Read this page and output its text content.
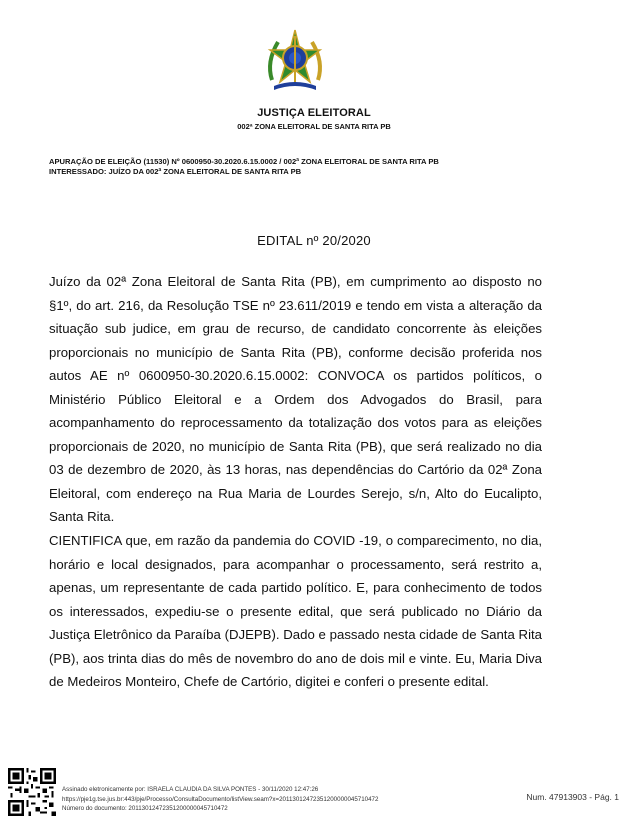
JUSTIÇA ELEITORAL
002ª ZONA ELEITORAL DE SANTA RITA PB
APURAÇÃO DE ELEIÇÃO (11530) Nº 0600950-30.2020.6.15.0002 / 002ª ZONA ELEITORAL DE SANTA RITA PB
INTERESSADO: JUÍZO DA 002ª ZONA ELEITORAL DE SANTA RITA PB
EDITAL nº 20/2020

Juízo da 02ª Zona Eleitoral de Santa Rita (PB), em cumprimento ao disposto no §1º, do art. 216, da Resolução TSE nº 23.611/2019 e tendo em vista a alteração da situação sub judice, em grau de recurso, de candidato concorrente às eleições proporcionais no município de Santa Rita (PB), conforme decisão proferida nos autos AE nº 0600950-30.2020.6.15.0002: CONVOCA os partidos políticos, o Ministério Público Eleitoral e a Ordem dos Advogados do Brasil, para acompanhamento do reprocessamento da totalização dos votos para as eleições proporcionais de 2020, no município de Santa Rita (PB), que será realizado no dia 03 de dezembro de 2020, às 13 horas, nas dependências do Cartório da 02ª Zona Eleitoral, com endereço na Rua Maria de Lourdes Serejo, s/n, Alto do Eucalipto, Santa Rita.

CIENTIFICA que, em razão da pandemia do COVID -19, o comparecimento, no dia, horário e local designados, para acompanhar o processamento, será restrito a, apenas, um representante de cada partido político. E, para conhecimento de todos os interessados, expediu-se o presente edital, que será publicado no Diário da Justiça Eletrônico da Paraíba (DJEPB). Dado e passado nesta cidade de Santa Rita (PB), aos trinta dias do mês de novembro do ano de dois mil e vinte. Eu, Maria Diva de Medeiros Monteiro, Chefe de Cartório, digitei e conferi o presente edital.

Assinado eletronicamente por: ISRAELA CLAUDIA DA SILVA PONTES - 30/11/2020 12:47:26
https://pje1g.tse.jus.br:443/pje/Processo/ConsultaDocumento/listView.seam?x=20113012472351200000045710472
Número do documento: 20113012472351200000045710472
Num. 47913903 - Pág. 1
